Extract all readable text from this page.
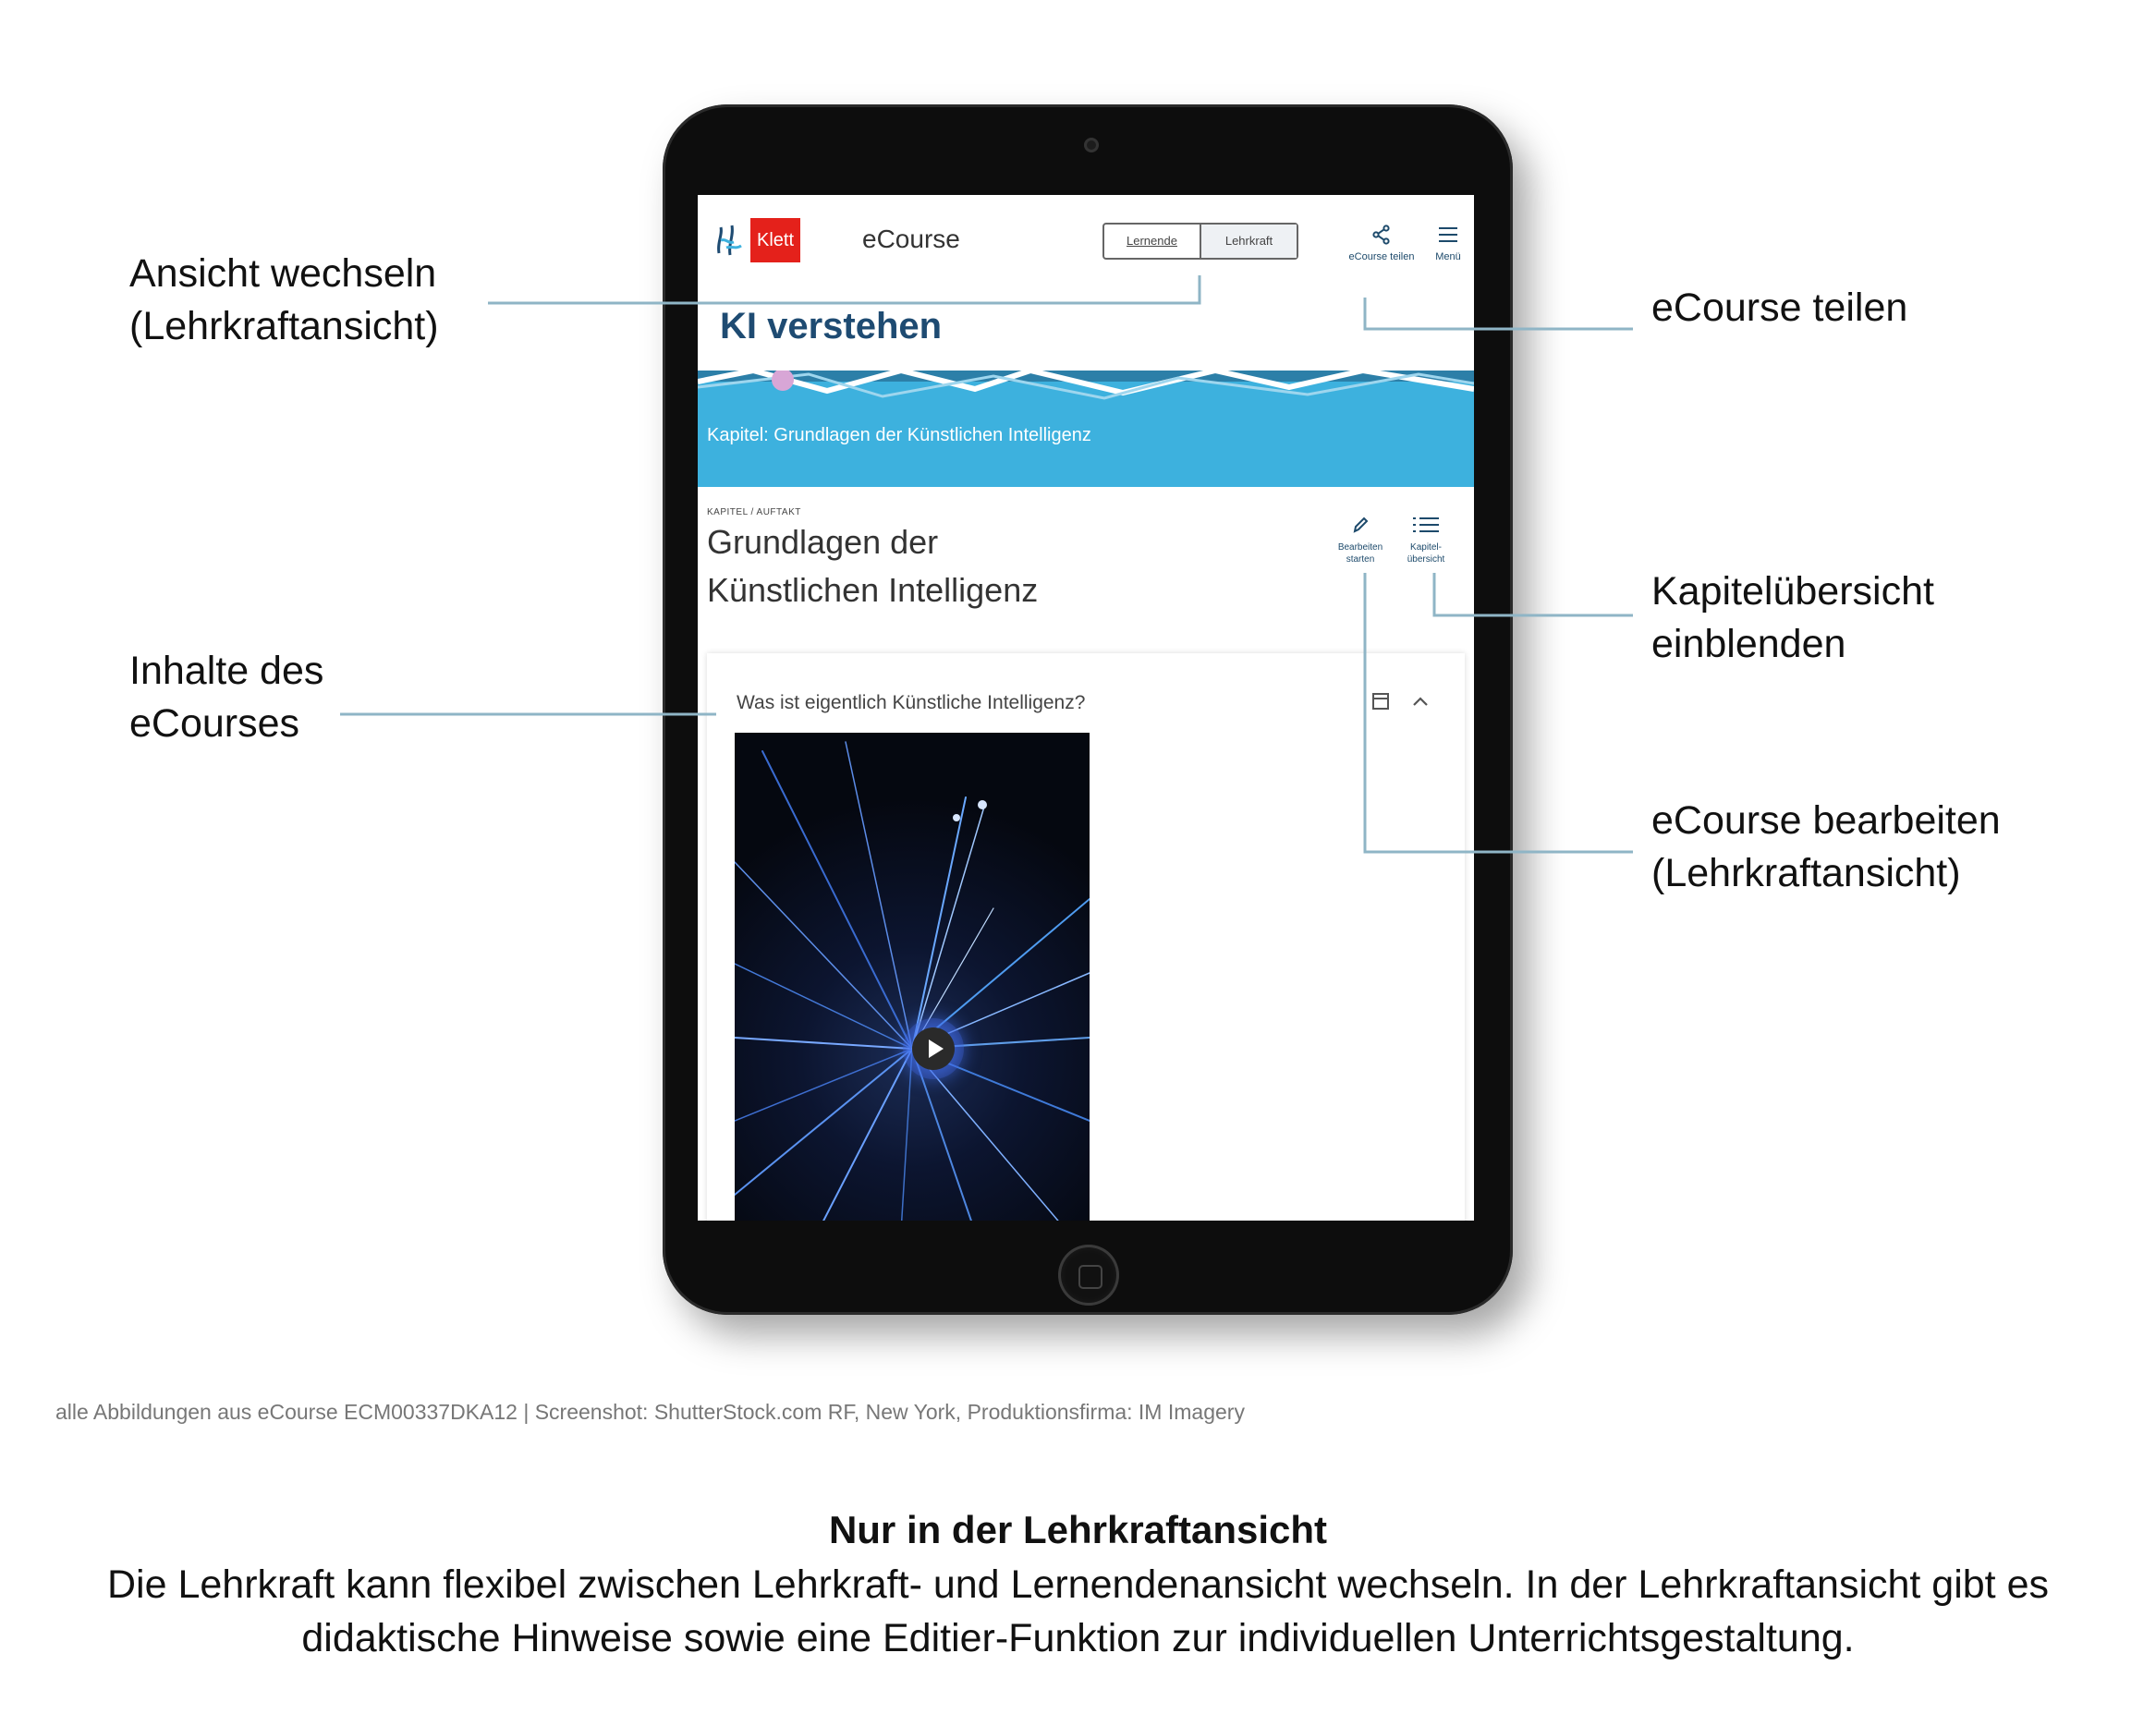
Klett	eCourse	Lernende	Lehrkraft
eCourse teilen	Menü
KI verstehen
Kapitel: Grundlagen der Künstlichen Intelligenz
KAPITEL / AUFTAKT
Grundlagen der
Künstlichen Intelligenz
Bearbeiten starten
Kapitel-übersicht
Was ist eigentlich Künstliche Intelligenz?
Ansicht wechseln
(Lehrkraftansicht)
Inhalte des
eCourses
eCourse teilen
Kapitelübersicht
einblenden
eCourse bearbeiten
(Lehrkraftansicht)
alle Abbildungen aus eCourse ECM00337DKA12 | Screenshot: ShutterStock.com RF, New York, Produktionsfirma: IM Imagery
Nur in der Lehrkraftansicht
Die Lehrkraft kann flexibel zwischen Lehrkraft- und Lernendenansicht wechseln. In der Lehrkraftansicht gibt es didaktische Hinweise sowie eine Editier-Funktion zur individuellen Unterrichtsgestaltung.
